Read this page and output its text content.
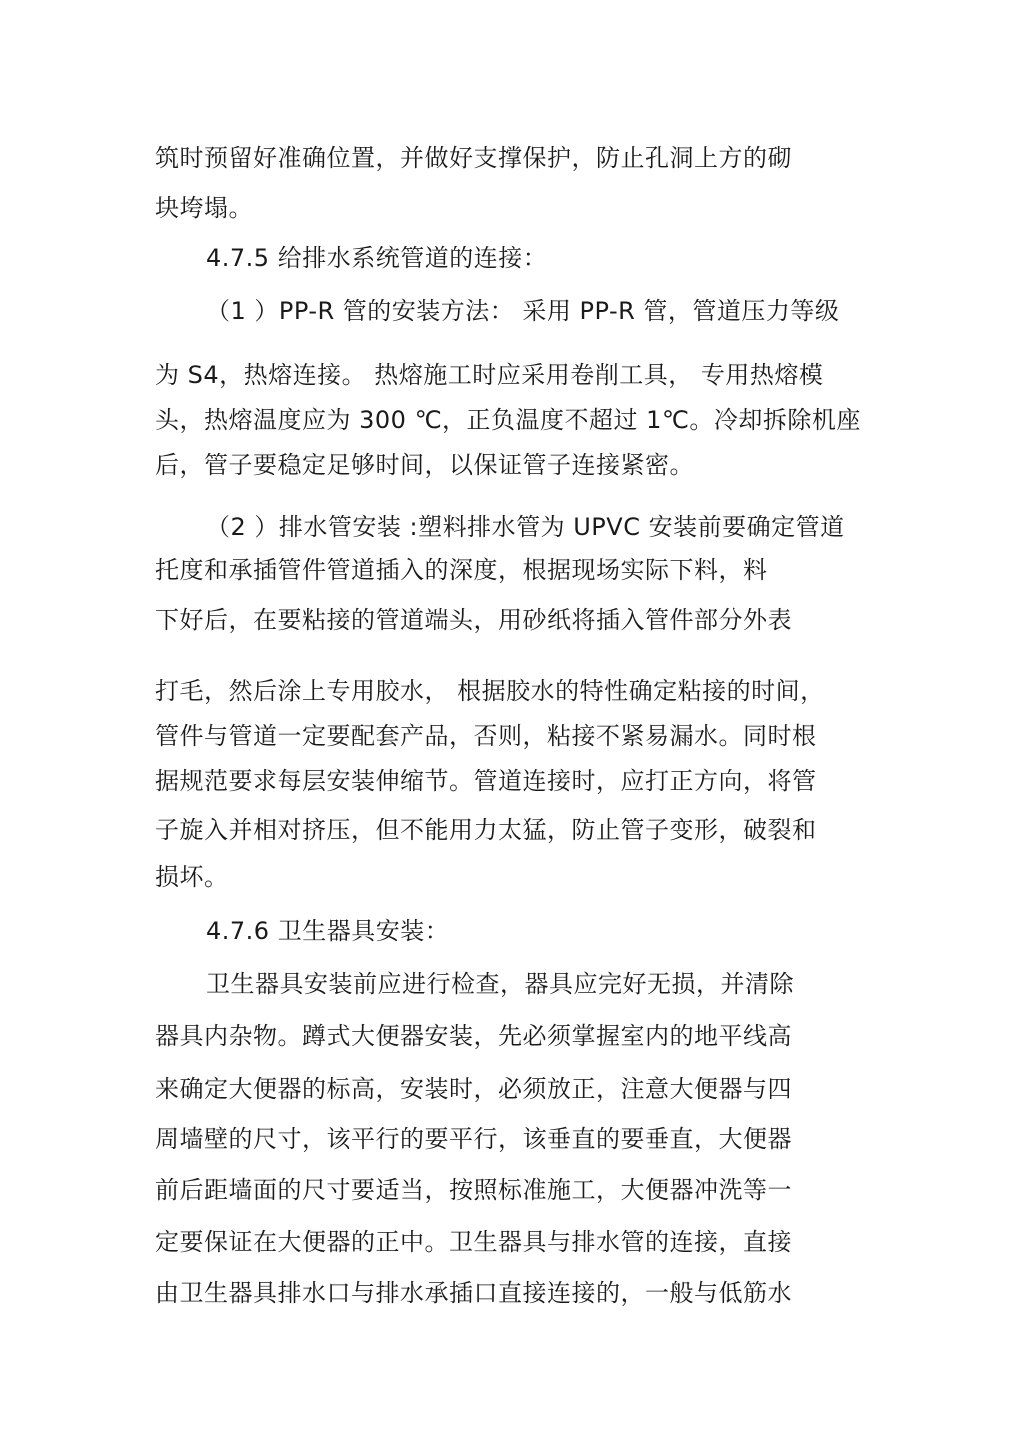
筑时预留好准确位置，并做好支撑保护，防止孔洞上方的砌
块垮塌。
4.7.5 给排水系统管道的连接：
（1 ）PP-R 管的安装方法： 采用 PP-R 管，管道压力等级
为 S4，热熔连接。 热熔施工时应采用卷削工具， 专用热熔模
头，热熔温度应为 300 ℃，正负温度不超过 1℃。冷却拆除机座
后，管子要稳定足够时间，以保证管子连接紧密。
（2 ）排水管安装 :塑料排水管为 UPVC 安装前要确定管道
托度和承插管件管道插入的深度，根据现场实际下料，料
下好后，在要粘接的管道端头，用砂纸将插入管件部分外表
打毛，然后涂上专用胶水， 根据胶水的特性确定粘接的时间，
管件与管道一定要配套产品，否则，粘接不紧易漏水。同时根
据规范要求每层安装伸缩节。管道连接时，应打正方向，将管
子旋入并相对挤压，但不能用力太猛，防止管子变形，破裂和
损坏。
4.7.6 卫生器具安装：
卫生器具安装前应进行检查，器具应完好无损，并清除
器具内杂物。蹲式大便器安装，先必须掌握室内的地平线高
来确定大便器的标高，安装时，必须放正，注意大便器与四
周墙壁的尺寸，该平行的要平行，该垂直的要垂直，大便器
前后距墙面的尺寸要适当，按照标准施工，大便器冲洗等一
定要保证在大便器的正中。卫生器具与排水管的连接，直接
由卫生器具排水口与排水承插口直接连接的，一般与低筋水
